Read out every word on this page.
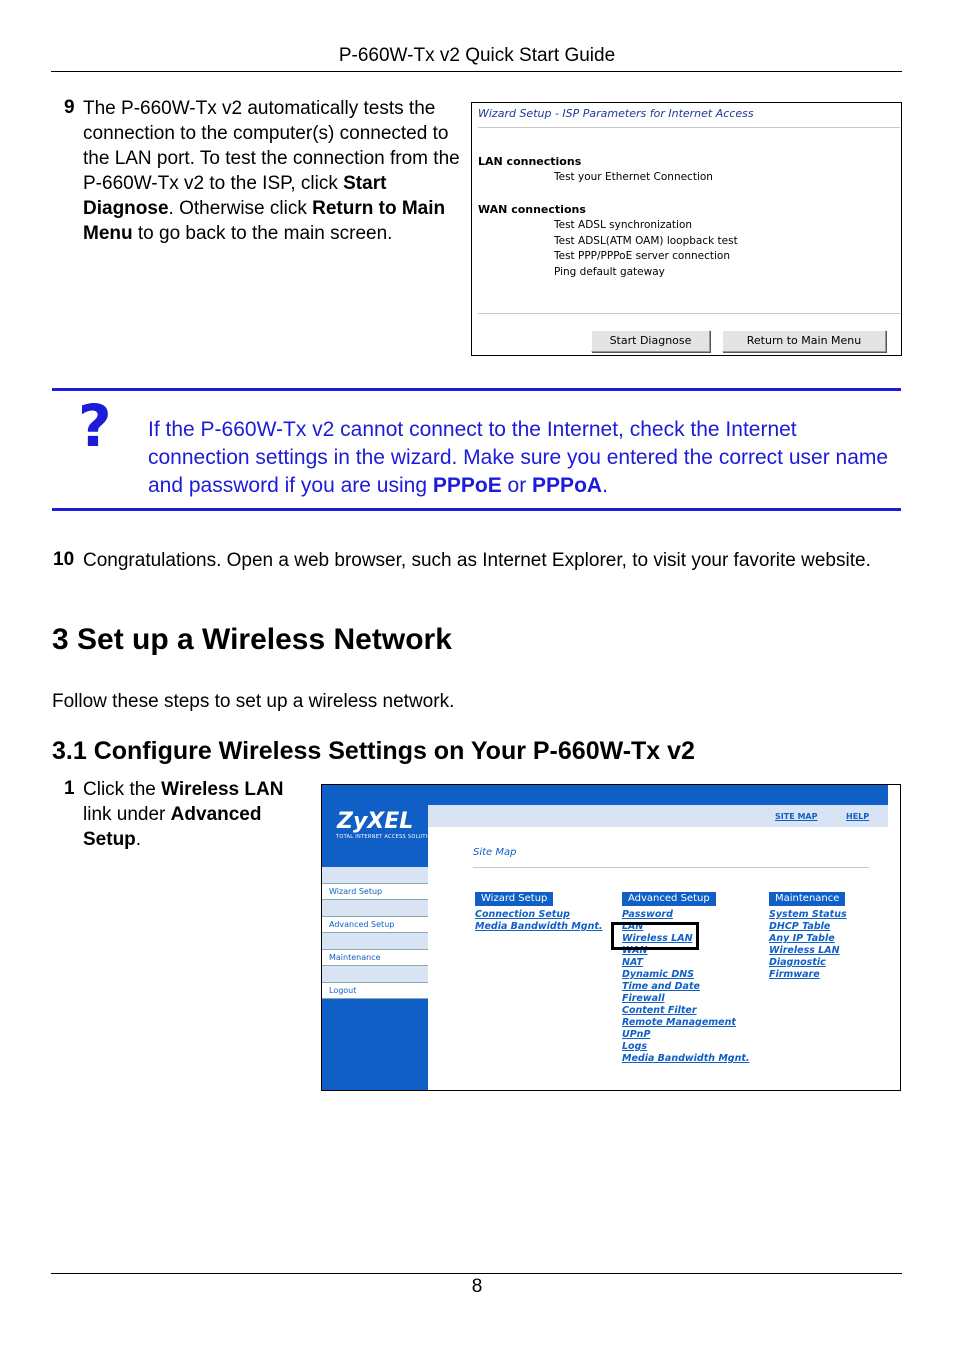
P-660W-Tx v2 Quick Start Guide
9 The P-660W-Tx v2 automatically tests the connection to the computer(s) connected to the LAN port. To test the connection from the P-660W-Tx v2 to the ISP, click Start Diagnose. Otherwise click Return to Main Menu to go back to the main screen.
Wizard Setup - ISP Parameters for Internet Access
LAN connections
Test your Ethernet Connection
WAN connections
Test ADSL synchronization
Test ADSL(ATM OAM) loopback test
Test PPP/PPPoE server connection
Ping default gateway
Start Diagnose	Return to Main Menu
? If the P-660W-Tx v2 cannot connect to the Internet, check the Internet connection settings in the wizard. Make sure you entered the correct user name and password if you are using PPPoE or PPPoA.
10 Congratulations. Open a web browser, such as Internet Explorer, to visit your favorite website.
3 Set up a Wireless Network
Follow these steps to set up a wireless network.
3.1 Configure Wireless Settings on Your P-660W-Tx v2
1 Click the Wireless LAN link under Advanced Setup.
ZyXEL
TOTAL INTERNET ACCESS SOLUTION
Wizard Setup
Advanced Setup
Maintenance
Logout
SITE MAP	HELP
Site Map
Wizard Setup
Connection Setup
Media Bandwidth Mgnt.
Advanced Setup
Password
LAN
Wireless LAN
WAN
NAT
Dynamic DNS
Time and Date
Firewall
Content Filter
Remote Management
UPnP
Logs
Media Bandwidth Mgnt.
Maintenance
System Status
DHCP Table
Any IP Table
Wireless LAN
Diagnostic
Firmware
8
